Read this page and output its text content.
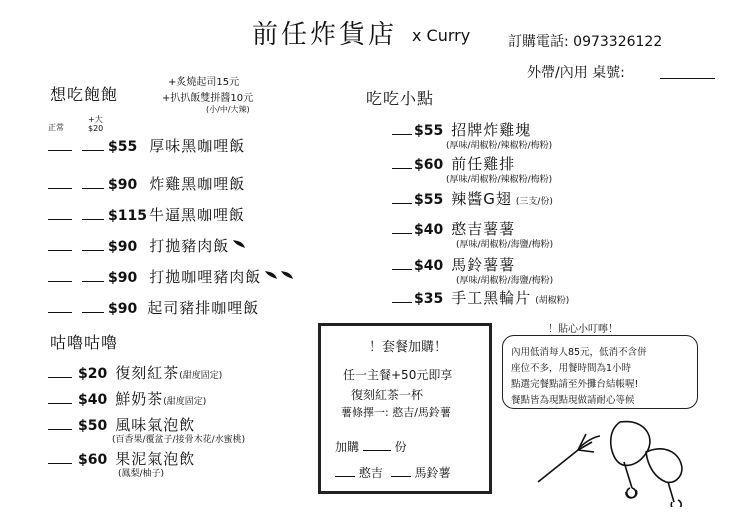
前任炸貨店 x Curry	訂購電話: 0973326122
外帶/內用 桌號:
想吃飽飽
+炙燒起司15元
+扒扒飯雙拼醬10元
(小/中/大辣)
正常
+大
$20
$55 厚味黑咖哩飯
$90 炸雞黑咖哩飯
$115 牛逼黑咖哩飯
$90 打拋豬肉飯
$90 打拋咖哩豬肉飯
$90 起司豬排咖哩飯
咕嚕咕嚕
$20 復刻紅茶 (甜度固定)
$40 鮮奶茶 (甜度固定)
$50 風味氣泡飲
(百香果/覆盆子/接骨木花/水蜜桃)
$60 果泥氣泡飲
(鳳梨/柚子)
吃吃小點
$55 招牌炸雞塊
(厚味/胡椒粉/辣椒粉/梅粉)
$60 前任雞排
(厚味/胡椒粉/辣椒粉/梅粉)
$55 辣醬G翅 (三支/份)
$40 憨吉薯薯
(厚味/胡椒粉/海鹽/梅粉)
$40 馬鈴薯薯
(厚味/胡椒粉/海鹽/梅粉)
$35 手工黑輪片 (胡椒粉)
！套餐加購！
任一主餐+50元即享
復刻紅茶一杯
薯條擇一: 憨吉/馬鈴薯
加購	份
憨吉	馬鈴薯
！貼心小叮嚀！
內用低消每人85元，低消不含併
座位不多，用餐時間為1小時
點選完餐點請至外攤台結帳喔!
餐點皆為現點現做請耐心等候
